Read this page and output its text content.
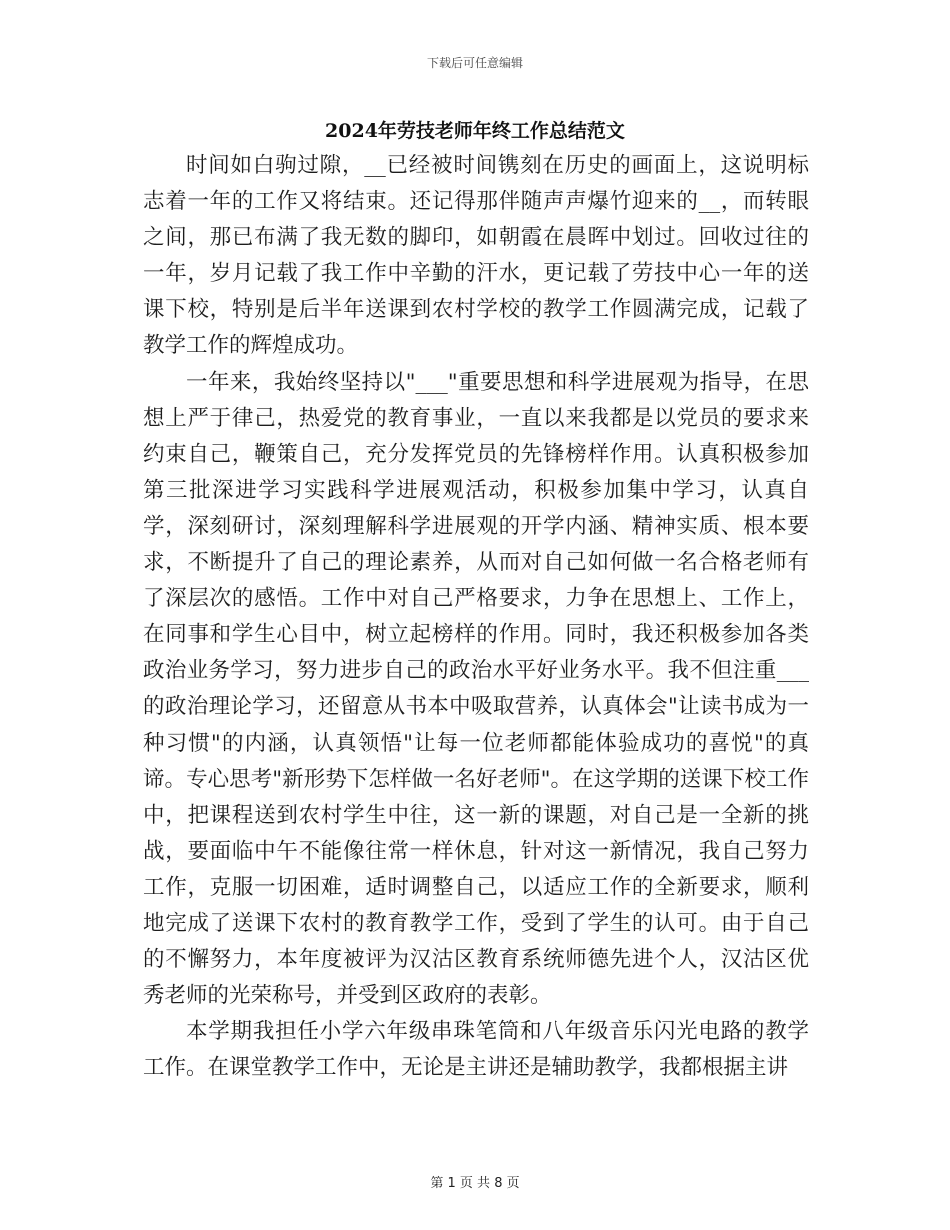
下载后可任意编辑
2024年劳技老师年终工作总结范文

时间如白驹过隙，__已经被时间镌刻在历史的画面上，这说明标志着一年的工作又将结束。还记得那伴随声声爆竹迎来的__，而转眼之间，那已布满了我无数的脚印，如朝霞在晨晖中划过。回收过往的一年，岁月记载了我工作中辛勤的汗水，更记载了劳技中心一年的送课下校，特别是后半年送课到农村学校的教学工作圆满完成，记载了教学工作的辉煌成功。

一年来，我始终坚持以"___"重要思想和科学进展观为指导，在思想上严于律己，热爱党的教育事业，一直以来我都是以党员的要求来约束自己，鞭策自己，充分发挥党员的先锋榜样作用。认真积极参加第三批深进学习实践科学进展观活动，积极参加集中学习，认真自学，深刻研讨，深刻理解科学进展观的开学内涵、精神实质、根本要求，不断提升了自己的理论素养，从而对自己如何做一名合格老师有了深层次的感悟。工作中对自己严格要求，力争在思想上、工作上，在同事和学生心目中，树立起榜样的作用。同时，我还积极参加各类政治业务学习，努力进步自己的政治水平好业务水平。我不但注重___的政治理论学习，还留意从书本中吸取营养，认真体会"让读书成为一种习惯"的内涵，认真领悟"让每一位老师都能体验成功的喜悦"的真谛。专心思考"新形势下怎样做一名好老师"。在这学期的送课下校工作中，把课程送到农村学生中往，这一新的课题，对自己是一全新的挑战，要面临中午不能像往常一样休息，针对这一新情况，我自己努力工作，克服一切困难，适时调整自己，以适应工作的全新要求，顺利地完成了送课下农村的教育教学工作，受到了学生的认可。由于自己的不懈努力，本年度被评为汉沽区教育系统师德先进个人，汉沽区优秀老师的光荣称号，并受到区政府的表彰。

本学期我担任小学六年级串珠笔筒和八年级音乐闪光电路的教学工作。在课堂教学工作中，无论是主讲还是辅助教学，我都根据主讲

第 1 页 共 8 页
